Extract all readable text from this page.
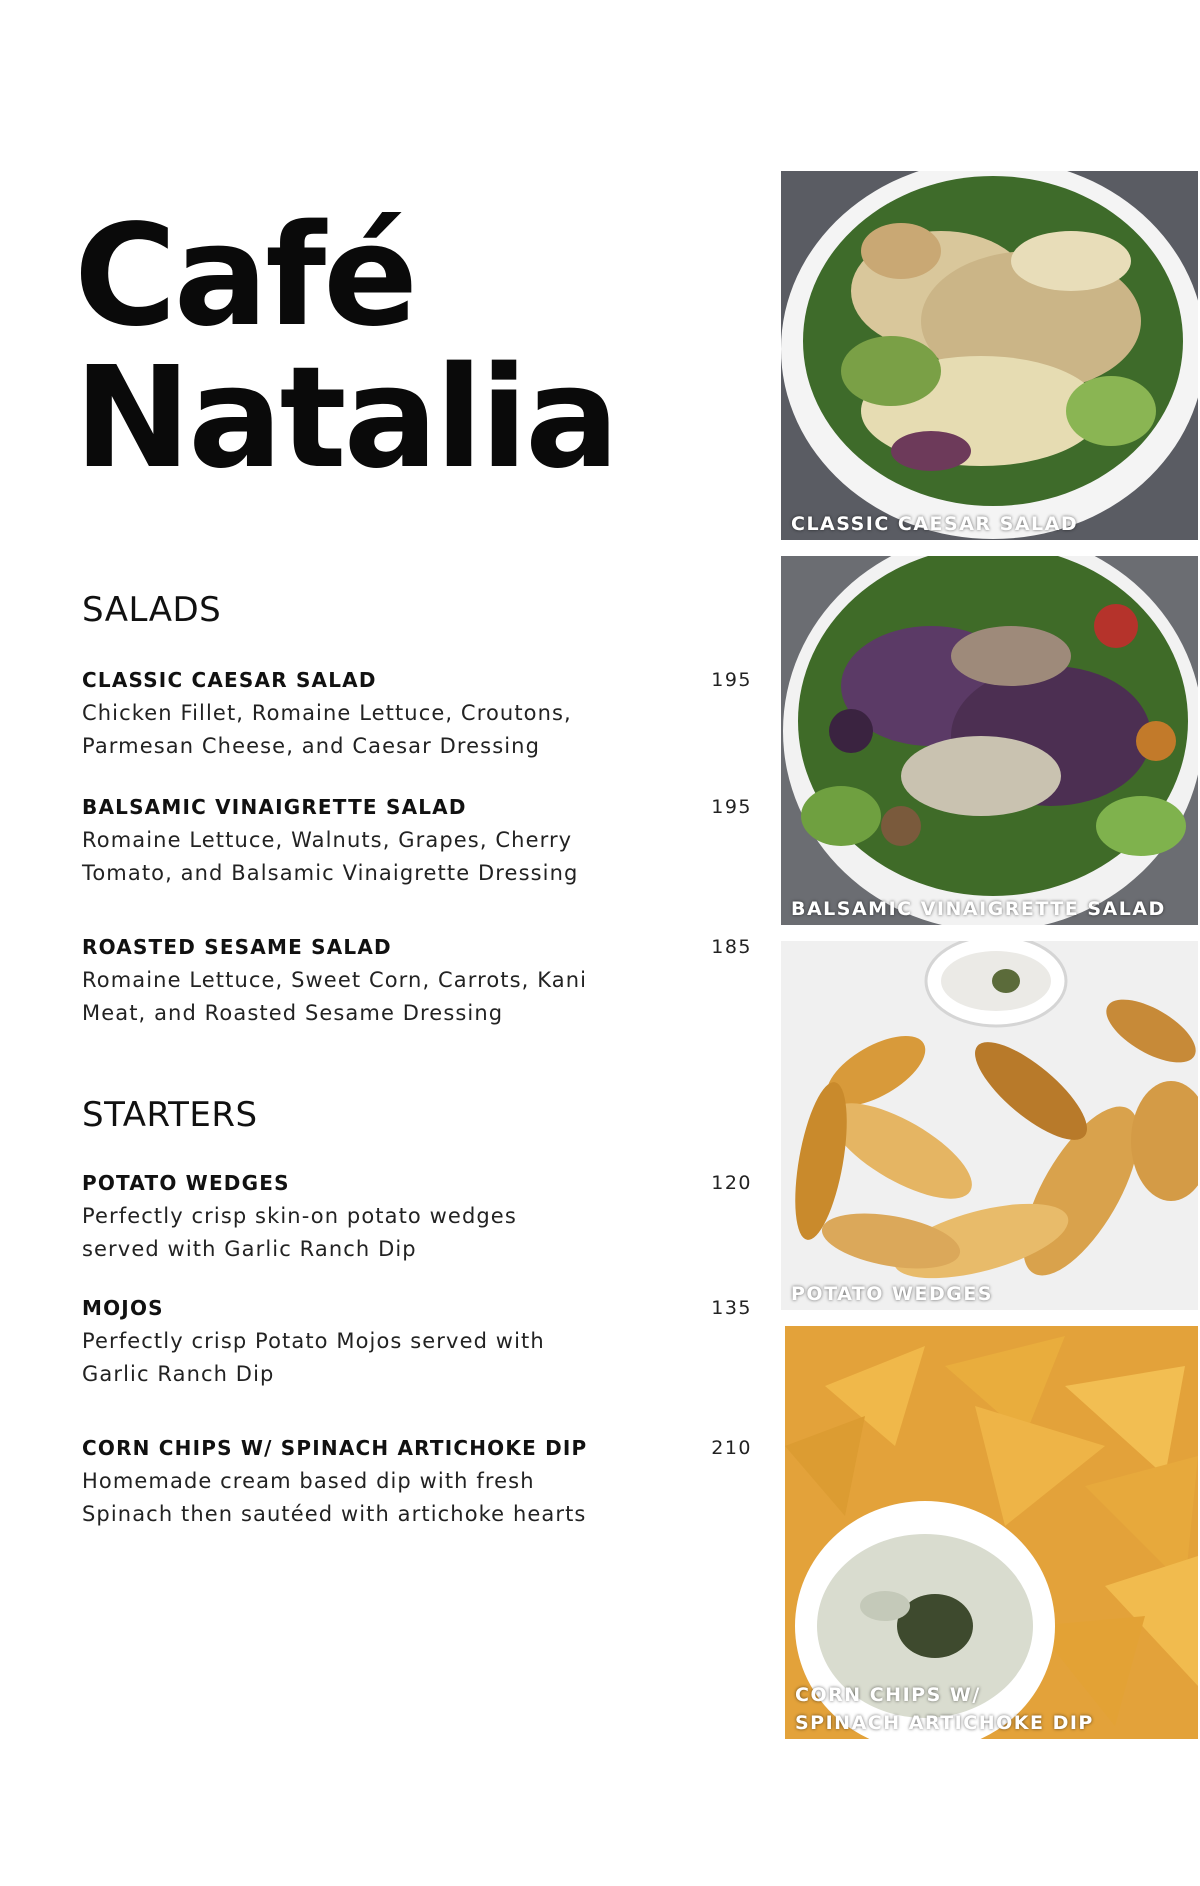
Café
Natalia
SALADS
CLASSIC CAESAR SALAD	195
Chicken Fillet, Romaine Lettuce, Croutons, Parmesan Cheese, and Caesar Dressing
BALSAMIC VINAIGRETTE SALAD	195
Romaine Lettuce, Walnuts, Grapes, Cherry Tomato, and Balsamic Vinaigrette Dressing
ROASTED SESAME SALAD	185
Romaine Lettuce, Sweet Corn, Carrots, Kani Meat, and Roasted Sesame Dressing
STARTERS
POTATO WEDGES	120
Perfectly crisp skin-on potato wedges served with Garlic Ranch Dip
MOJOS	135
Perfectly crisp Potato Mojos served with Garlic Ranch Dip
CORN CHIPS W/ SPINACH ARTICHOKE DIP	210
Homemade cream based dip with fresh Spinach then sautéed with artichoke hearts
CLASSIC CAESAR SALAD
BALSAMIC VINAIGRETTE SALAD
POTATO WEDGES
CORN CHIPS W/
SPINACH ARTICHOKE DIP
